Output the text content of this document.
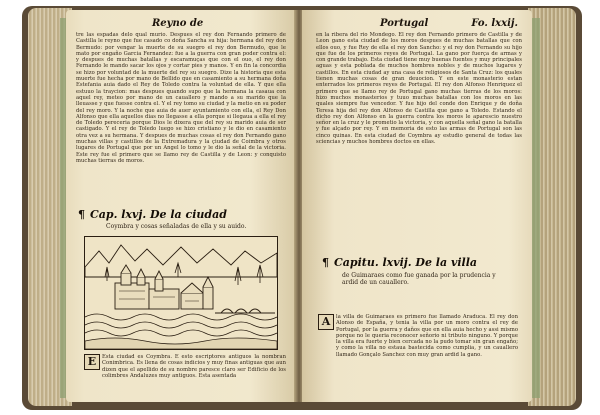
Reyno de
tre las espadas delo qual murio. Despues el rey don Fernando primero de Castilla le reyno que fue casado co doña Sancha su hija: hermana del rey don Bermudo: por vengar la muerte de su suegro el rey don Bermudo, que le mato por engaño Garcia Fernandez: fue a la guerra con gran poder contra el: y despues de muchas batallas y escaramuças que con el ouo, el rey don Fernando le mando sacar los ojos y cortar pies y manos. Y en fin la concordia se hizo por voluntad de la muerte del rey su suegro. Dize la historia que esta muerte fue hecha por mano de Bellido que en casamiento a su hermana doña Estefania auia dado el Rey de Toledo contra la voluntad de ella. Y que ella estuuo la traycion: mas despues quando supo que la hermana la casaua con aquel rey, meteo por mano de un cauallero y mando a su marido que la lleuasse y que fuesse contra el. Y el rey tomo su ciudad y la metio en su poder del rey moro. Y la noche que auia de auer ayuntamiento con ella, el Rey Don Alfonso que ella aquellos dias no llegasse a ella porque si llegaua a ella el rey de Toledo pereceria porque Dios le dixera que del rey su marido auia de ser castigado. Y el rey de Toledo luego se hizo cristiano y le dio en casamiento otra vez a su hermana. Y despues de muchas cosas el rey don Fernando gano muchas villas y castillos de la Extremadura y la çiudad de Coimbra y otros lugares de Portugal que por un Angel lo tomo y le dio la señal de la victoria. Este rey fue el primero que se llamo rey de Castilla y de Leon: y conquisto muchas tierras de moros.
¶ Cap. lxvj. De la ciudad
Coymbra y cosas señaladas de ella y su auido.
E	Esta ciudad es Coymbra. E esto escriptores antiguos la nombran Conimbrica. Es llena de cosas indicios y muy finas antiguas que aun dizen que el apellido de su nombre paresce claro ser Edificio de los colimbres Andaluzes muy antiguos. Esta asentada
Portugal	Fo. lxxij.
en la ribera del rio Mondego. El rey don Fernando primero de Castilla y de Leon gano esta ciudad de los moros despues de muchas batallas que con ellos ouo, y fue Rey de ella el rey don Sancho: y el rey don Fernando su hijo que fue de los primeros reyes de Portugal. La gano por fuerça de armas y con grande trabajo. Esta ciudad tiene muy buenas fuentes y muy principales aguas y esta poblada de muchos hombres nobles y de muchos lugares y castillos. En esta ciudad ay una casa de religiosos de Santa Cruz: los quales tienen muchas cosas de gran deuocion. Y en este monasterio estan enterrados los primeros reyes de Portugal. El rey don Alfonso Henriquez el primero que se llamo rey de Portugal gano muchas tierras de los moros: hizo muchos monasterios y tuuo muchas batallas con los moros en las quales siempre fue vencedor. Y fue hijo del conde don Enrique y de doña Teresa hija del rey don Alfonso de Castilla que gano a Toledo. Estando el dicho rey don Alfonso en la guerra contra los moros le aparescio nuestro señor en la cruz y le prometio la victoria, y con aquella señal gano la batalla y fue alçado por rey. Y en memoria de esto las armas de Portugal son las cinco quinas. En esta ciudad de Coymbra ay estudio general de todas las sciencias y muchos hombres doctos en ellas.
¶ Capitu. lxvij. De la villa
de Guimaraes como fue ganada por la prudencia y ardid de un cauallero.
A	la villa de Guimaraes es primero fue llamado Araduca. El rey don Alonso de España, y tenia la villa por un moro contra el rey de Portugal, por la guerra y daños que en ella auia hecho y assi mismo porque no le queria reconocer señorio ni tributo ninguno. Y porque la villa era fuerte y bien cercada no la pudo tomar sin gran engaño; y como la villa no estaua bastecida como cumplia, y un cauallero llamado Gonçalo Sanchez con muy gran ardid la gano.
